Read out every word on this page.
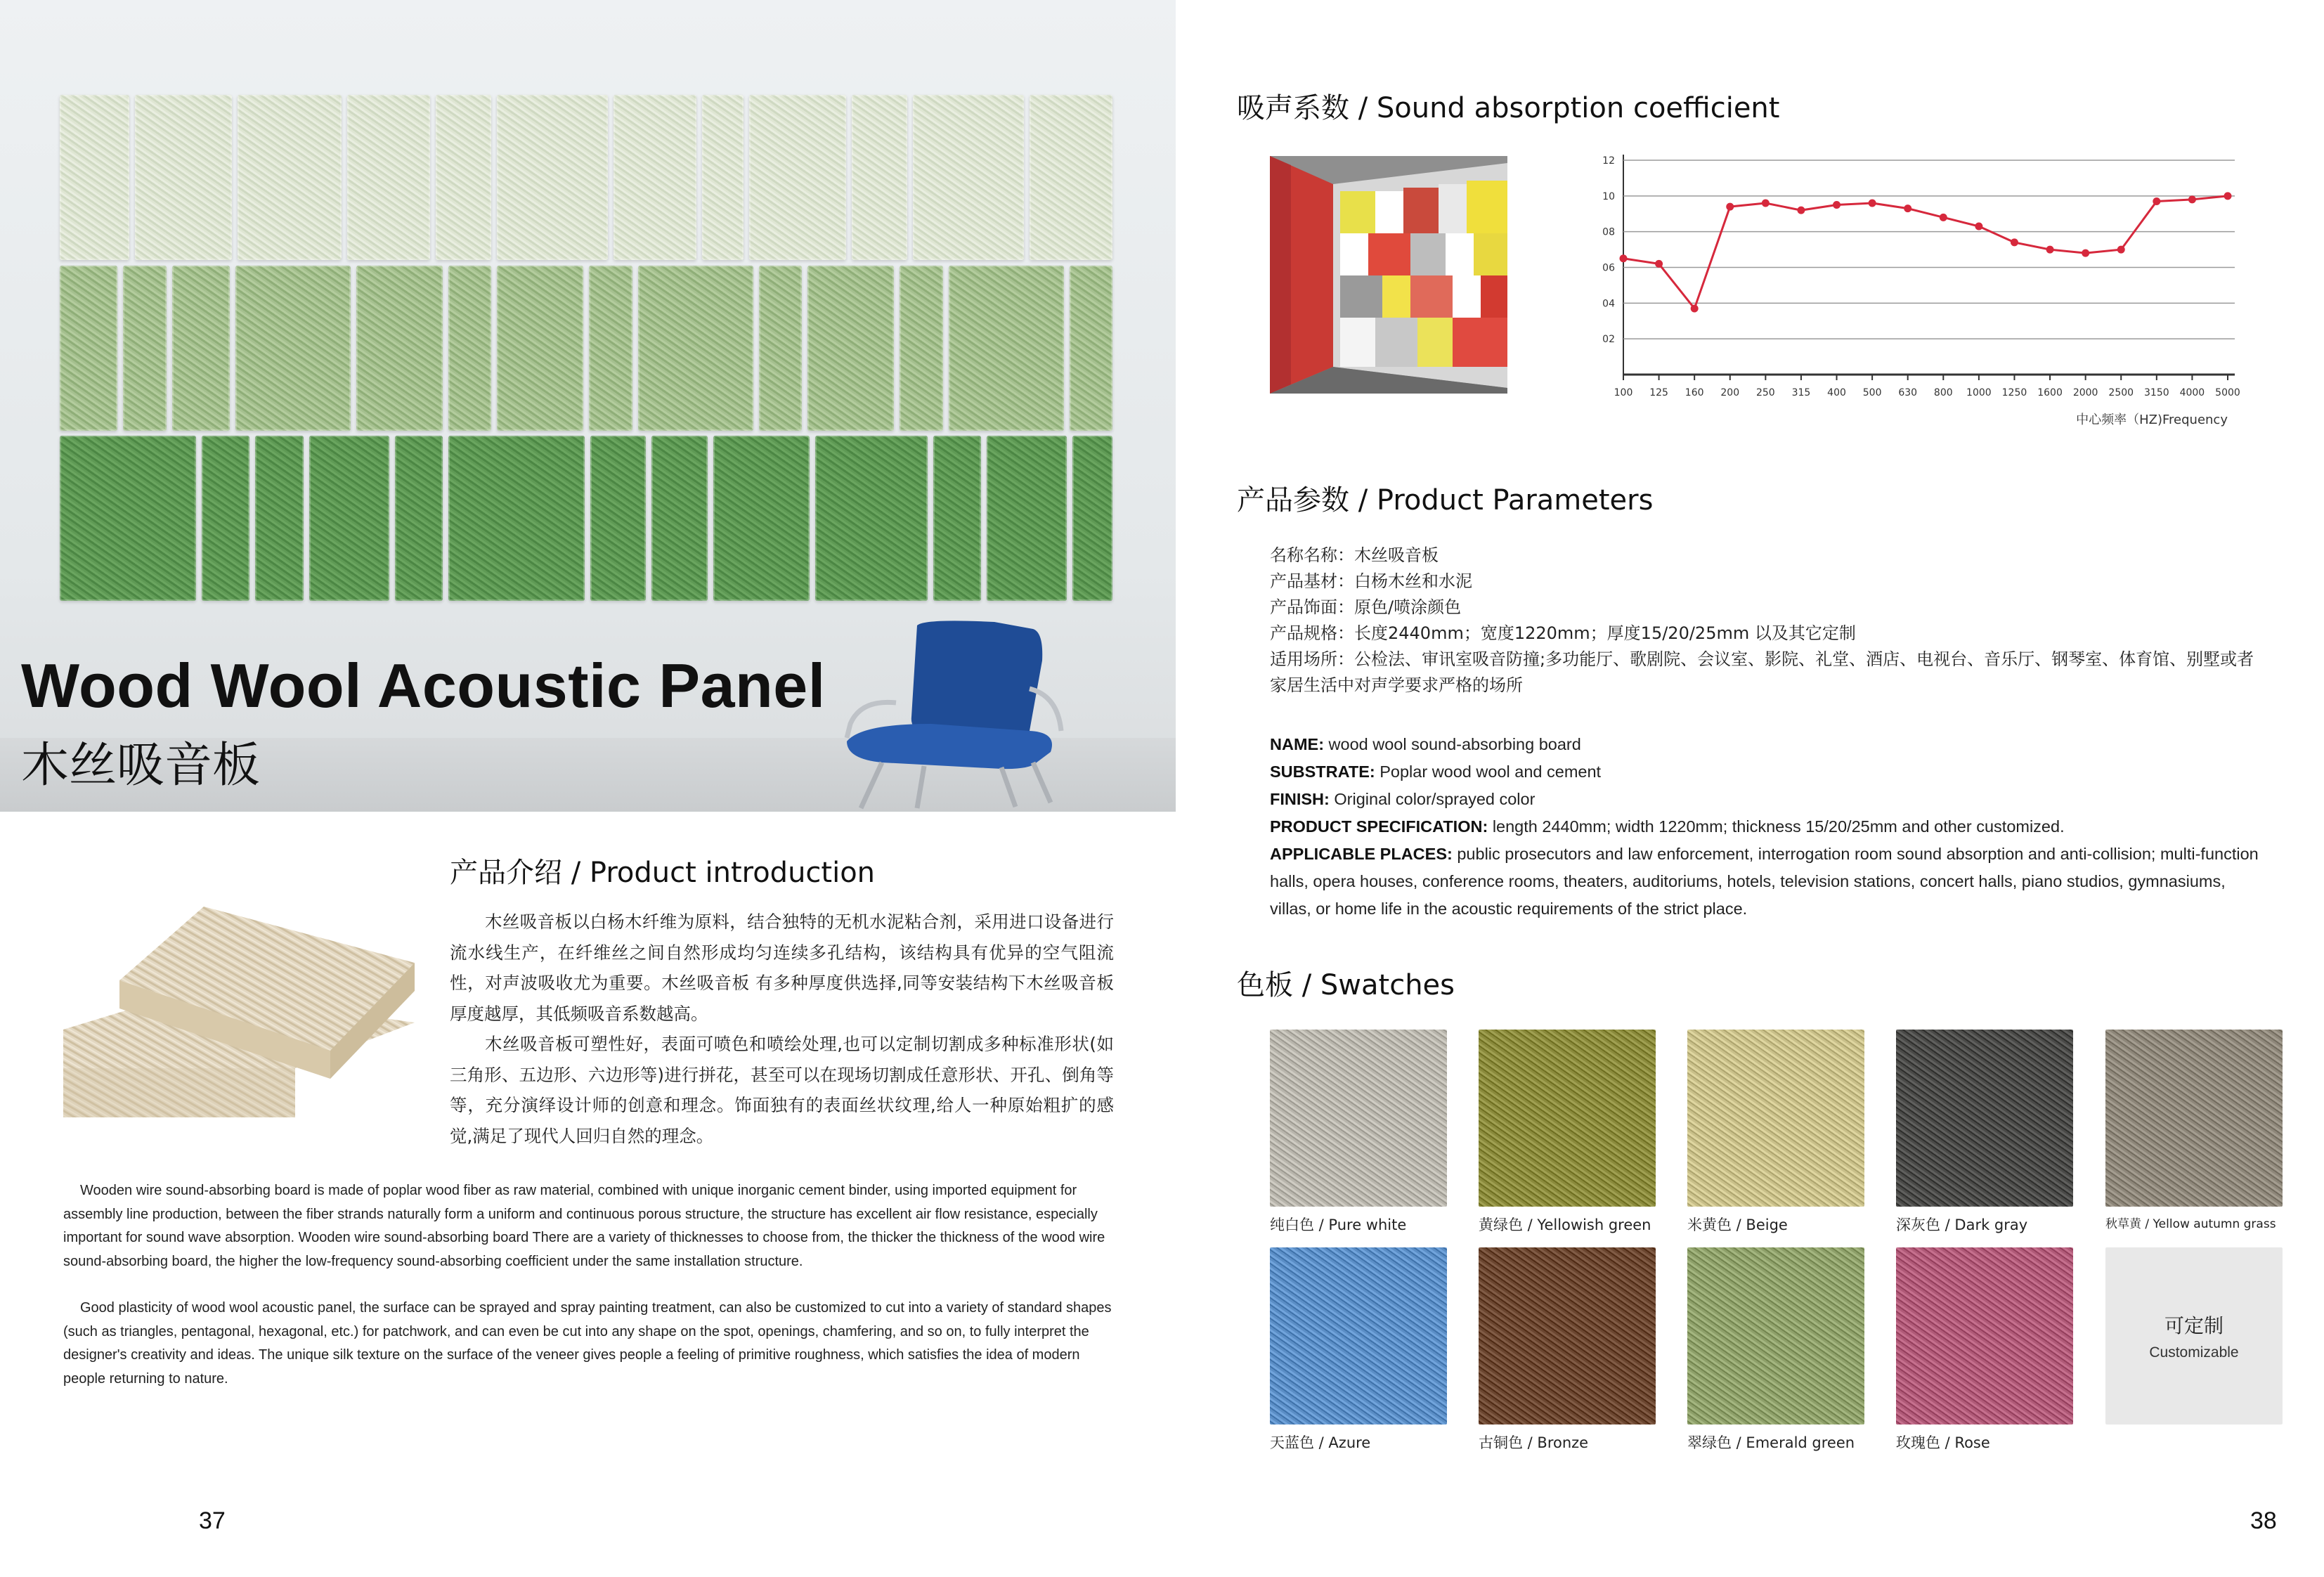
Wood Wool Acoustic Panel
木丝吸音板
产品介绍 / Product introduction
木丝吸音板以白杨木纤维为原料，结合独特的无机水泥粘合剂，采用进口设备进行流水线生产，在纤维丝之间自然形成均匀连续多孔结构，该结构具有优异的空气阻流性，对声波吸收尤为重要。木丝吸音板 有多种厚度供选择,同等安装结构下木丝吸音板厚度越厚，其低频吸音系数越高。
木丝吸音板可塑性好，表面可喷色和喷绘处理,也可以定制切割成多种标准形状(如三角形、五边形、六边形等)进行拼花，甚至可以在现场切割成任意形状、开孔、倒角等等，充分演绎设计师的创意和理念。饰面独有的表面丝状纹理,给人一种原始粗扩的感觉,满足了现代人回归自然的理念。
Wooden wire sound-absorbing board is made of poplar wood fiber as raw material, combined with unique inorganic cement binder, using imported equipment for assembly line production, between the fiber strands naturally form a uniform and continuous porous structure, the structure has excellent air flow resistance, especially important for sound wave absorption. Wooden wire sound-absorbing board There are a variety of thicknesses to choose from, the thicker the thickness of the wood wire sound-absorbing board, the higher the low-frequency sound-absorbing coefficient under the same installation structure.
Good plasticity of wood wool acoustic panel, the surface can be sprayed and spray painting treatment, can also be customized to cut into a variety of standard shapes (such as triangles, pentagonal, hexagonal, etc.) for patchwork, and can even be cut into any shape on the spot, openings, chamfering, and so on, to fully interpret the designer's creativity and ideas. The unique silk texture on the surface of the veneer gives people a feeling of primitive roughness, which satisfies the idea of modern people returning to nature.
37
吸声系数 / Sound absorption coefficient
02
04
06
08
10
12
100 125 160 200 250 315 400 500 630 800 1000 1250 1600 2000 2500 3150 4000 5000
中心频率（HZ)Frequency
产品参数 / Product Parameters
名称名称：木丝吸音板
产品基材：白杨木丝和水泥
产品饰面：原色/喷涂颜色
产品规格：长度2440mm；宽度1220mm；厚度15/20/25mm 以及其它定制
适用场所：公检法、审讯室吸音防撞;多功能厅、歌剧院、会议室、影院、礼堂、酒店、电视台、音乐厅、钢琴室、体育馆、别墅或者家居生活中对声学要求严格的场所
NAME: wood wool sound-absorbing board
SUBSTRATE: Poplar wood wool and cement
FINISH: Original color/sprayed color
PRODUCT SPECIFICATION: length 2440mm; width 1220mm; thickness 15/20/25mm and other customized.
APPLICABLE PLACES: public prosecutors and law enforcement, interrogation room sound absorption and anti-collision; multi-function halls, opera houses, conference rooms, theaters, auditoriums, hotels, television stations, concert halls, piano studios, gymnasiums, villas, or home life in the acoustic requirements of the strict place.
色板 / Swatches
纯白色 / Pure white	黄绿色 / Yellowish green	米黄色 / Beige	深灰色 / Dark gray	秋草黄 / Yellow autumn grass
天蓝色 / Azure	古铜色 / Bronze	翠绿色 / Emerald green	玫瑰色 / Rose
可定制
Customizable
38
